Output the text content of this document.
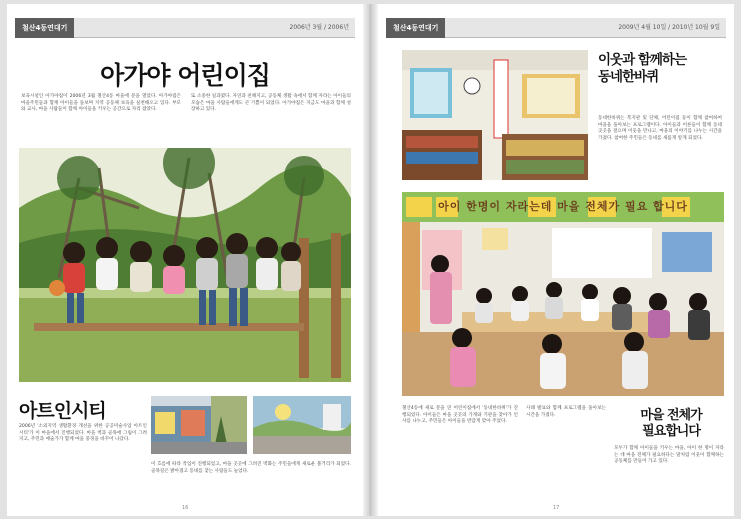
철산4동연대기	2006년 3월 / 2006년
아가야 어린이집
보육시설인 아가야집이 2006년 3월 철산4동 마을에 문을 열었다. 아가야집은 마을주민들과 함께 아이들을 돌보며 지역 공동체 보육을 실천해오고 있다. 부모와 교사, 마을 사람들이 함께 아이들을 키우는 공간으로 자리 잡았다.
또 소중한 일과였다. 자연과 친해지고, 공동체 생활 속에서 함께 자라는 아이들의 모습은 마을 사람들에게도 큰 기쁨이 되었다. 아가야집은 지금도 마을과 함께 성장하고 있다.
아트인시티
2006년 '소외지역 생활환경 개선을 위한 공공미술사업 아트인시티'가 이 마을에서 진행되었다. 마을 벽과 골목에 그림이 그려지고, 주민과 예술가가 함께 마을 풍경을 바꾸어 나갔다.
이 흐름에 따라 작업이 진행되었고, 마을 곳곳에 그려진 벽화는 주민들에게 새로운 볼거리가 되었다. 골목길은 밝아졌고 동네를 찾는 사람들도 늘었다.
16
철산4동연대기	2009년 4월 10일 / 2010년 10월 9일
이웃과 함께하는
동네한바퀴
동네한바퀴는 복지관 및 단체, 어린이집 등이 함께 참여하여 마을을 돌아보는 프로그램이다. 아이들과 어른들이 함께 동네 곳곳을 걸으며 이웃을 만나고, 마을의 이야기를 나누는 시간을 가졌다. 참여한 주민들은 동네를 새롭게 알게 되었다.
아이 한명이 자라는데 마을 전체가 필요 합니다
철산4동에 새로 문을 연 어린이집에서 '동네한바퀴'가 진행되었다. 아이들은 마을 곳곳의 가게와 기관을 찾아가 인사를 나누고, 주민들은 아이들을 반갑게 맞아 주었다.
사례 발표와 함께 프로그램을 돌아보는 시간을 가졌다.	마을 전체가
필요합니다
모두가 함께 아이들을 키우는 마을, 아이 한 명이 자라는 데 마을 전체가 필요하다는 말처럼 이웃이 함께하는 공동체를 만들어 가고 있다.
17
